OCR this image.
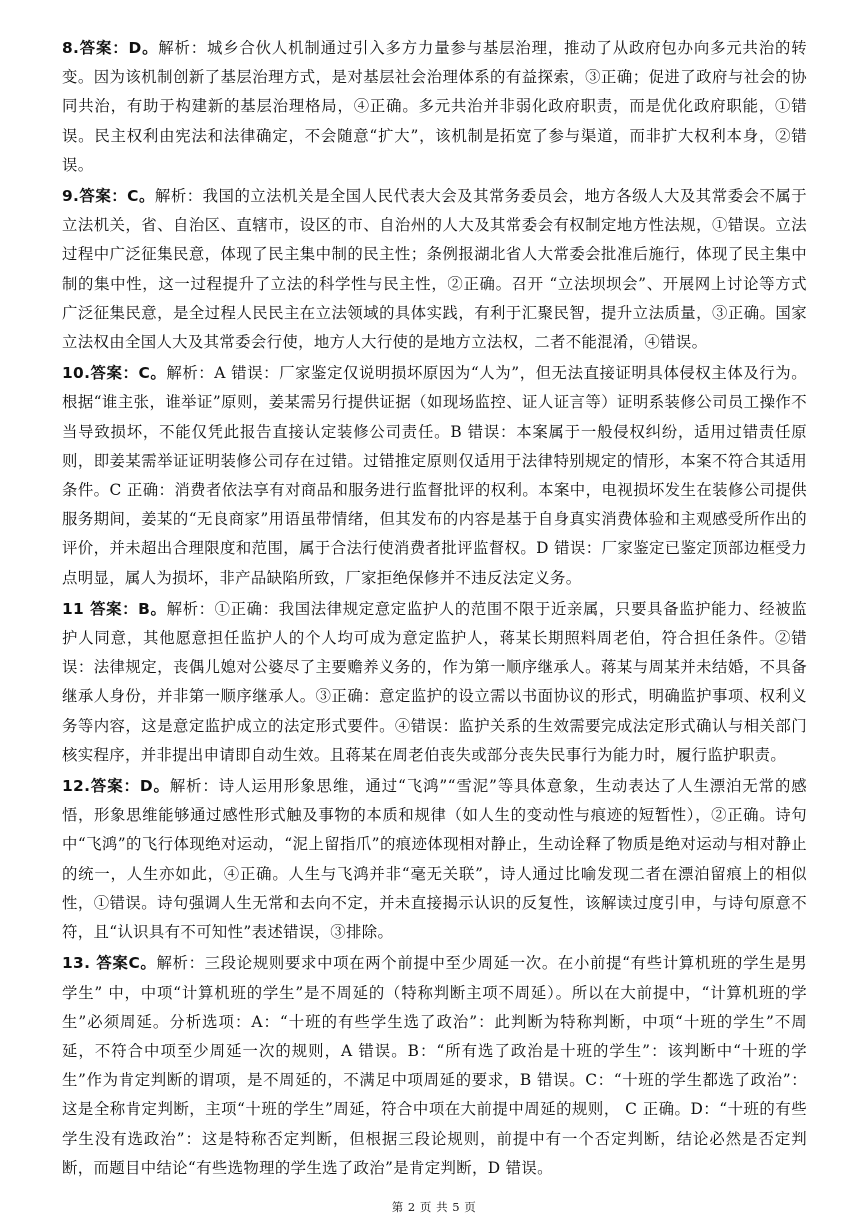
8.答案：D。解析：城乡合伙人机制通过引入多方力量参与基层治理，推动了从政府包办向多元共治的转变。因为该机制创新了基层治理方式，是对基层社会治理体系的有益探索，③正确；促进了政府与社会的协同共治，有助于构建新的基层治理格局，④正确。多元共治并非弱化政府职责，而是优化政府职能，①错误。民主权利由宪法和法律确定，不会随意“扩大”，该机制是拓宽了参与渠道，而非扩大权利本身，②错误。

9.答案：C。解析：我国的立法机关是全国人民代表大会及其常务委员会，地方各级人大及其常委会不属于立法机关，省、自治区、直辖市，设区的市、自治州的人大及其常委会有权制定地方性法规，①错误。立法过程中广泛征集民意，体现了民主集中制的民主性；条例报湖北省人大常委会批准后施行，体现了民主集中制的集中性，这一过程提升了立法的科学性与民主性，②正确。召开 “立法坝坝会”、开展网上讨论等方式广泛征集民意，是全过程人民民主在立法领域的具体实践，有利于汇聚民智，提升立法质量，③正确。国家立法权由全国人大及其常委会行使，地方人大行使的是地方立法权，二者不能混淆，④错误。

10.答案：C。解析：A 错误：厂家鉴定仅说明损坏原因为“人为”，但无法直接证明具体侵权主体及行为。根据“谁主张，谁举证”原则，姜某需另行提供证据（如现场监控、证人证言等）证明系装修公司员工操作不当导致损坏，不能仅凭此报告直接认定装修公司责任。B 错误：本案属于一般侵权纠纷，适用过错责任原则，即姜某需举证证明装修公司存在过错。过错推定原则仅适用于法律特别规定的情形，本案不符合其适用条件。C 正确：消费者依法享有对商品和服务进行监督批评的权利。本案中，电视损坏发生在装修公司提供服务期间，姜某的“无良商家”用语虽带情绪，但其发布的内容是基于自身真实消费体验和主观感受所作出的评价，并未超出合理限度和范围，属于合法行使消费者批评监督权。D 错误：厂家鉴定已鉴定顶部边框受力点明显，属人为损坏，非产品缺陷所致，厂家拒绝保修并不违反法定义务。

11 答案：B。解析：①正确：我国法律规定意定监护人的范围不限于近亲属，只要具备监护能力、经被监护人同意，其他愿意担任监护人的个人均可成为意定监护人，蒋某长期照料周老伯，符合担任条件。②错误：法律规定，丧偶儿媳对公婆尽了主要赡养义务的，作为第一顺序继承人。蒋某与周某并未结婚，不具备继承人身份，并非第一顺序继承人。③正确：意定监护的设立需以书面协议的形式，明确监护事项、权利义务等内容，这是意定监护成立的法定形式要件。④错误：监护关系的生效需要完成法定形式确认与相关部门核实程序，并非提出申请即自动生效。且蒋某在周老伯丧失或部分丧失民事行为能力时，履行监护职责。

12.答案：D。解析：诗人运用形象思维，通过“飞鸿”“雪泥”等具体意象，生动表达了人生漂泊无常的感悟，形象思维能够通过感性形式触及事物的本质和规律（如人生的变动性与痕迹的短暂性），②正确。诗句中“飞鸿”的飞行体现绝对运动，“泥上留指爪”的痕迹体现相对静止，生动诠释了物质是绝对运动与相对静止的统一，人生亦如此，④正确。人生与飞鸿并非“毫无关联”，诗人通过比喻发现二者在漂泊留痕上的相似性，①错误。诗句强调人生无常和去向不定，并未直接揭示认识的反复性，该解读过度引申，与诗句原意不符，且“认识具有不可知性”表述错误，③排除。

13. 答案C。解析：三段论规则要求中项在两个前提中至少周延一次。在小前提“有些计算机班的学生是男学生” 中，中项“计算机班的学生”是不周延的（特称判断主项不周延）。所以在大前提中，“计算机班的学生”必须周延。分析选项：A：“十班的有些学生选了政治”：此判断为特称判断，中项“十班的学生”不周延，不符合中项至少周延一次的规则，A 错误。B：“所有选了政治是十班的学生”：该判断中“十班的学生”作为肯定判断的谓项，是不周延的，不满足中项周延的要求，B 错误。C：“十班的学生都选了政治”：这是全称肯定判断，主项“十班的学生”周延，符合中项在大前提中周延的规则， C 正确。D：“十班的有些学生没有选政治”：这是特称否定判断，但根据三段论规则，前提中有一个否定判断，结论必然是否定判断，而题目中结论“有些选物理的学生选了政治”是肯定判断，D 错误。

第 2 页 共 5 页
